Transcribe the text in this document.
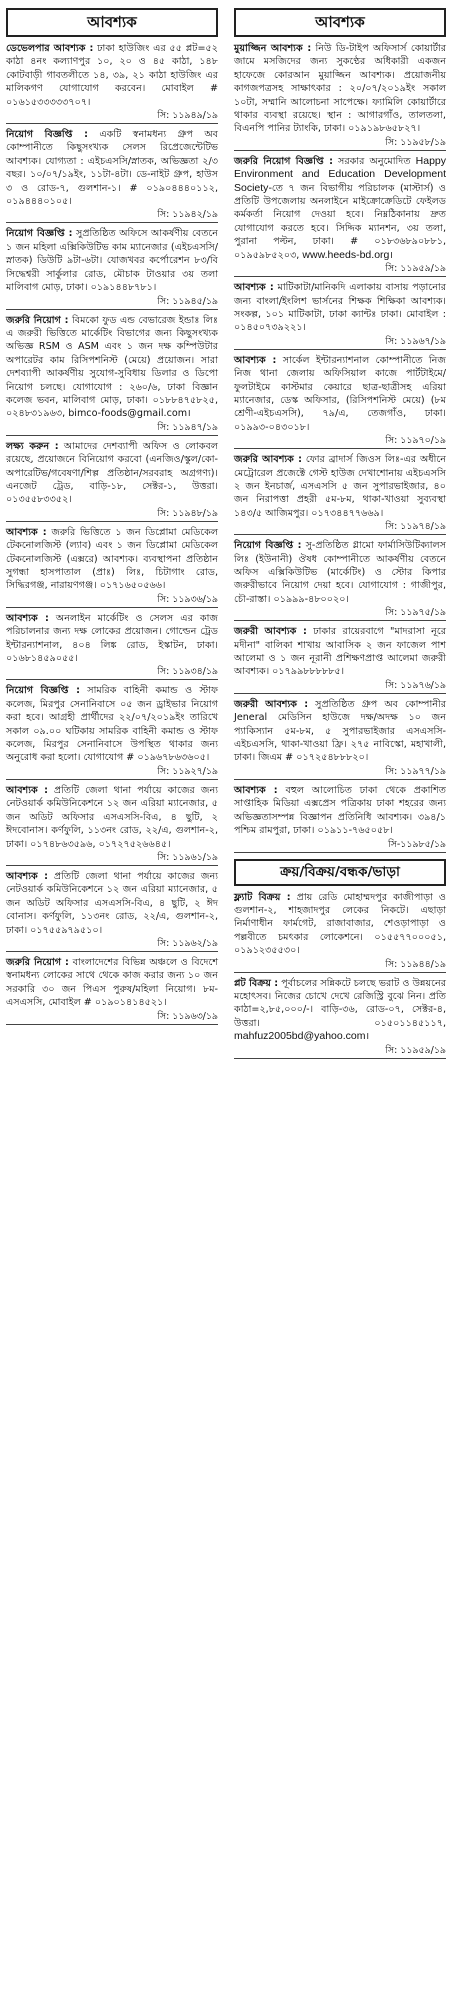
আবশ্যক
ডেভেলপার আবশ্যক : ঢাকা হাউজিং এর ৫৫ প্লট=৫২ কাঠা ৪নং কল্যাণপুর ১০, ২০ ও ৪৫ কাঠা, ১৪৮ কোটবাড়ী গাবতলীতে ১৪, ৩৯, ২১ কাঠা হাউজিং এর মালিকগণ যোগাযোগ করবেন। মোবাইল # ০১৬১৫৩৩৩৩৩৭০৭।
সি: ১১৯৪৯/১৯
নিয়োগ বিজ্ঞপ্তি : একটি স্বনামধন্য গ্রুপ অব কোম্পানীতে কিছুসংখ্যক সেলস রিপ্রেজেন্টেটিভ আবশ্যক। যোগ্যতা : এইচএসসি/স্নাতক, অভিজ্ঞতা ২/৩ বছর। ১০/০৭/১৯ইং, ১১টা-৪টা। ডে-নাইট গ্রুপ, হাউস ৩ ও রোড-৭, গুলশান-১। # ০১৯০৪৪৪০১১২, ০১৯৪৪৪০১০৫।
সি: ১১৯৪২/১৯
নিয়োগ বিজ্ঞপ্তি : সুপ্রতিষ্ঠিত অফিসে আকর্ষণীয় বেতনে ১ জন মহিলা এক্সিকিউটিভ কাম ম্যানেজার (এইচএসসি/স্নাতক) ডিউটি ৯টা-৬টা। যোজখবর কর্পোরেশন ৮৩/বি সিদ্ধেশ্বরী সার্কুলার রোড, মৌচাক টাওয়ার ৩য় তলা মালিবাগ মোড়, ঢাকা। ০১৯১৪৪৮৭৮১।
সি: ১১৯৪৫/১৯
জরুরি নিয়োগ : বিমকো ফুড এন্ড বেভারেজ ইন্ডাঃ লিঃ এ জরুরী ভিত্তিতে মার্কেটিং বিভাগের জন্য কিছুসংখ্যক অভিজ্ঞ RSM ও ASM এবং ১ জন দক্ষ কম্পিউটার অপারেটর কাম রিসিপশনিস্ট (মেয়ে) প্রয়োজন। সারা দেশব্যাপী আকর্ষণীয় সুযোগ-সুবিধায় ডিলার ও ডিপো নিয়োগ চলছে। যোগাযোগ : ২৬০/৬, ঢাকা বিজ্ঞান কলেজ ভবন, মালিবাগ মোড়, ঢাকা। ০১৮৮৪৭৫৮২৫, ০২৪৮৩১৯৬৩, bimco-foods@gmail.com।
সি: ১১৯৪৭/১৯
লক্ষ্য করুন : আমাদের দেশব্যাপী অফিস ও লোকবল রয়েছে, প্রয়োজনে বিনিয়োগ করবো (এনজিও/স্কুল/কো-অপারেটিভ/গবেষণা/শিল্প প্রতিষ্ঠান/সরবরাহ অগ্রগণ্য)। এনজেট ট্রেড, বাড়ি-১৮, সেক্টর-১, উত্তরা। ০১৩৫৫৮৩৩৫২।
সি: ১১৯৪৮/১৯
আবশ্যক : জরুরি ভিত্তিতে ১ জন ডিপ্লোমা মেডিকেল টেকনোলজিস্ট (ল্যাব) এবং ১ জন ডিপ্লোমা মেডিকেল টেকনোলজিস্ট (এক্সরে) আবশ্যক। ব্যবস্থাপনা প্রতিষ্ঠান সুগন্ধা হাসপাতাল (প্রাঃ) লিঃ, চিটাগাং রোড, সিদ্ধিরগঞ্জ, নারায়ণগঞ্জ। ০১৭১৬৫০৫৬৬।
সি: ১১৯৩৬/১৯
আবশ্যক : অনলাইন মার্কেটিং ও সেলস এর কাজ পরিচালনার জন্য দক্ষ লোকের প্রয়োজন। গোল্ডেন ট্রেড ইন্টারন্যাশনাল, ৪০৪ লিঙ্ক রোড, ইস্কাটন, ঢাকা। ০১৬৮১৪৫৯০৫৫।
সি: ১১৯৩৪/১৯
নিয়োগ বিজ্ঞপ্তি : সামরিক বাহিনী কমান্ড ও স্টাফ কলেজ, মিরপুর সেনানিবাসে ০৫ জন ড্রাইভার নিয়োগ করা হবে। আগ্রহী প্রার্থীদের ২২/০৭/২০১৯ইং তারিখে সকাল ০৯.০০ ঘটিকায় সামরিক বাহিনী কমান্ড ও স্টাফ কলেজ, মিরপুর সেনানিবাসে উপস্থিত থাকার জন্য অনুরোধ করা হলো। যোগাযোগ # ০১৯৬৭৮৬৩৬০৫।
সি: ১১৯২৭/১৯
আবশ্যক : প্রতিটি জেলা থানা পর্যায়ে কাজের জন্য নেটওয়ার্ক কমিউনিকেশনে ১২ জন এরিয়া ম্যানেজার, ৫ জন অডিট অফিসার এসএসসি-বিএ, ৪ ছুটি, ২ ঈদবোনাস। কর্ণফুলি, ১১৩নং রোড, ২২/এ, গুলশান-২, ঢাকা। ০১৭৪৮৬৩৫৯৬, ০১৭২৭৫২৬৬৪৫।
সি: ১১৯৬১/১৯
আবশ্যক : প্রতিটি জেলা থানা পর্যায়ে কাজের জন্য নেটওয়ার্ক কমিউনিকেশনে ১২ জন এরিয়া ম্যানেজার, ৫ জন অডিট অফিসার এসএসসি-বিএ, ৪ ছুটি, ২ ঈদ বোনাস। কর্ণফুলি, ১১৩নং রোড, ২২/এ, গুলশান-২, ঢাকা। ০১৭৫৫৯৭৯৫১০।
সি: ১১৯৬২/১৯
জরুরি নিয়োগ : বাংলাদেশের বিভিন্ন অঞ্চলে ও বিদেশে স্বনামধন্য লোকের সাথে থেকে কাজ করার জন্য ১০ জন সরকারি ৩০ জন পিএস পুরুষ/মহিলা নিয়োগ। ৮ম-এসএসসি, মোবাইল # ০১৯০১৪১৪৫২১।
সি: ১১৯৬৩/১৯
আবশ্যক
মুয়াজ্জিন আবশ্যক : নিউ ডি-টাইপ অফিসার্স কোয়ার্টার জামে মসজিদের জন্য সুকণ্ঠের অধিকারী একজন হাফেজে কোরআন মুয়াজ্জিন আবশ্যক। প্রয়োজনীয় কাগজপত্রসহ সাক্ষাৎকার : ২০/০৭/২০১৯ইং সকাল ১০টা, সম্মানি আলোচনা সাপেক্ষে। ফ্যামিলি কোয়ার্টারে থাকার ব্যবস্থা রয়েছে। স্থান : আগারগাঁও, তালতলা, বিএনপি পানির ট্যাংকি, ঢাকা। ০১৯১৯৮৬৫৮২৭।
সি: ১১৯৫৮/১৯
জরুরি নিয়োগ বিজ্ঞপ্তি : সরকার অনুমোদিত Happy Environment and Education Development Society-তে ৭ জন বিভাগীয় পরিচালক (মাস্টার্স) ও প্রতিটি উপজেলায় অনলাইনে মাইক্রোক্রেডিটে ফেইলড কর্মকর্তা নিয়োগ দেওয়া হবে। নিম্নঠিকানায় দ্রুত যোগাযোগ করতে হবে। সিদ্দিক ম্যানশন, ৩য় তলা, পুরানা পল্টন, ঢাকা। # ০১৮৩৬৮৯০৮৮১, ০১৯৫৯৮৫২০৩, www.heeds-bd.org।
সি: ১১৯৫৯/১৯
আবশ্যক : মাটিকাটা/মানিকদি এলাকায় বাসায় পড়ানোর জন্য বাংলা/ইংলিশ ভার্সনের শিক্ষক শিক্ষিকা আবশ্যক। সংকল্প, ১০১ মাটিকাটা, ঢাকা ক্যান্টঃ ঢাকা। মোবাইল : ০১৪৫০৭৩৯২২১।
সি: ১১৯৬৭/১৯
আবশ্যক : সার্কেল ইন্টারন্যাশনাল কোম্পানীতে নিজ নিজ থানা জেলায় অফিসিয়াল কাজে পার্টটাইমে/ফুলটাইমে কাস্টমার কেয়ারে ছাত্র-ছাত্রীসহ এরিয়া ম্যানেজার, ডেস্ক অফিসার, (রিসিপশনিস্ট মেয়ে) (৮ম শ্রেণী-এইচএসসি), ৭৯/এ, তেজগাঁও, ঢাকা। ০১৯৯৩-০৪৩০১৮।
সি: ১১৯৭০/১৯
জরুরি আবশ্যক : ফোর ব্রাদার্স জিওস লিঃ-এর অধীনে মেট্রোরেল প্রজেক্টে গেস্ট হাউজ দেখাশোনায় এইচএসসি ২ জন ইনচার্জ, এসএসসি ৫ জন সুপারভাইজার, ৪০ জন নিরাপত্তা প্রহরী ৫ম-৮ম, থাকা-খাওয়া সুব্যবস্থা ১৪৩/৫ আজিমপুর। ০১৭৩৪৪৭৭৬৬৯।
সি: ১১৯৭৪/১৯
নিয়োগ বিজ্ঞপ্তি : সু-প্রতিষ্ঠিত গ্লামো ফার্মাসিউটিক্যালস লিঃ (ইউনানী) ঔষধ কোম্পানীতে আকর্ষণীয় বেতনে অফিস এক্সিকিউটিভ (মার্কেটিং) ও স্টোর কিপার জরুরীভাবে নিয়োগ দেয়া হবে। যোগাযোগ : গাজীপুর, চৌ-রাস্তা। ০১৯৯৯-৪৮০০২০।
সি: ১১৯৭৫/১৯
জরুরী আবশ্যক : ঢাকার রায়েরবাগে "মাদরাসা নূরে মদীনা" বালিকা শাখায় আবাসিক ২ জন ফাজেল পাশ আলেমা ও ১ জন নূরানী প্রশিক্ষণপ্রাপ্ত আলেমা জরুরী আবশ্যক। ০১৭৯৯৮৮৮৮৮৫।
সি: ১১৯৭৬/১৯
জরুরী আবশ্যক : সুপ্রতিষ্ঠিত গ্রুপ অব কোম্পানীর Jeneral মেডিসিন হাউজে দক্ষ/অদক্ষ ১০ জন প্যাকিস্যান ৫ম-৮ম, ৫ সুপারভাইজার এসএসসি-এইচএসসি, থাকা-খাওয়া ফ্রি। ২৭৫ নাবিস্কো, মহাখালী, ঢাকা। জিএম # ০১৭২৫৪৮৮৮২০।
সি: ১১৯৭৭/১৯
আবশ্যক : বহুল আলোচিত ঢাকা থেকে প্রকাশিত সাপ্তাহিক মিডিয়া এক্সপ্রেস পত্রিকায় ঢাকা শহরের জন্য অভিজ্ঞতাসম্পন্ন বিজ্ঞাপন প্রতিনিধি আবশ্যক। ৩৯৪/১ পশ্চিম রামপুরা, ঢাকা। ০১৯১১-৭৬৫০৫৮।
সি-১১৯৮৫/১৯
ক্রয়/বিক্রয়/বন্ধক/ভাড়া
ফ্ল্যাট বিক্রয় : প্রায় রেডি মোহাম্মদপুর কাজীপাড়া ও গুলশান-২, শাহজাদপুর লেকের নিকটে। এছাড়া নির্মাণাধীন ফার্মগেট, রাজাবাজার, শেওড়াপাড়া ও পল্লবীতে চমৎকার লোকেশনে। ০১৫৫৭৭০০০৫১, ০১৯১২৩৫৫৩০।
সি: ১১৯৪৪/১৯
প্লট বিক্রয় : পূর্বাচলের সন্নিকটে চলছে ভরাট ও উন্নয়নের মহোৎসব। নিজের চোখে দেখে রেজিস্ট্রি বুঝে নিন। প্রতি কাঠা=২,৮৫,০০০/-। বাড়ি-৩৬, রোড-০৭, সেক্টর-৪, উত্তরা। ০১৫০১১৪৫১১৭, mahfuz2005bd@yahoo.com।
সি: ১১৯৫৯/১৯
